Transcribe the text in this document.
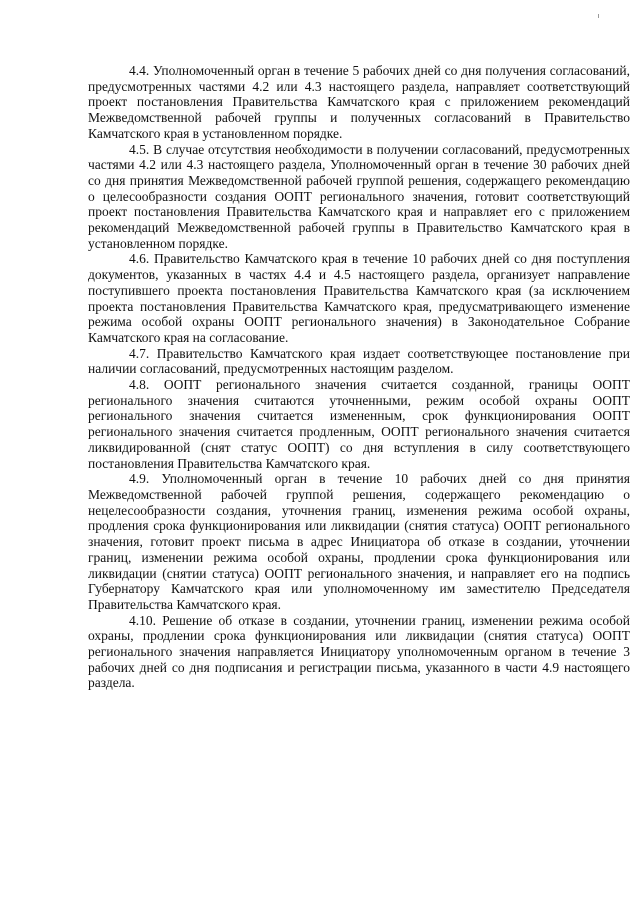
4.4. Уполномоченный орган в течение 5 рабочих дней со дня получения согласований, предусмотренных частями 4.2 или 4.3 настоящего раздела, направляет соответствующий проект постановления Правительства Камчатского края с приложением рекомендаций Межведомственной рабочей группы и полученных согласований в Правительство Камчатского края в установленном порядке.

4.5. В случае отсутствия необходимости в получении согласований, предусмотренных частями 4.2 или 4.3 настоящего раздела, Уполномоченный орган в течение 30 рабочих дней со дня принятия Межведомственной рабочей группой решения, содержащего рекомендацию о целесообразности создания ООПТ регионального значения, готовит соответствующий проект постановления Правительства Камчатского края и направляет его с приложением рекомендаций Межведомственной рабочей группы в Правительство Камчатского края в установленном порядке.

4.6. Правительство Камчатского края в течение 10 рабочих дней со дня поступления документов, указанных в частях 4.4 и 4.5 настоящего раздела, организует направление поступившего проекта постановления Правительства Камчатского края (за исключением проекта постановления Правительства Камчатского края, предусматривающего изменение режима особой охраны ООПТ регионального значения) в Законодательное Собрание Камчатского края на согласование.

4.7. Правительство Камчатского края издает соответствующее постановление при наличии согласований, предусмотренных настоящим разделом.

4.8. ООПТ регионального значения считается созданной, границы ООПТ регионального значения считаются уточненными, режим особой охраны ООПТ регионального значения считается измененным, срок функционирования ООПТ регионального значения считается продленным, ООПТ регионального значения считается ликвидированной (снят статус ООПТ) со дня вступления в силу соответствующего постановления Правительства Камчатского края.

4.9. Уполномоченный орган в течение 10 рабочих дней со дня принятия Межведомственной рабочей группой решения, содержащего рекомендацию о нецелесообразности создания, уточнения границ, изменения режима особой охраны, продления срока функционирования или ликвидации (снятия статуса) ООПТ регионального значения, готовит проект письма в адрес Инициатора об отказе в создании, уточнении границ, изменении режима особой охраны, продлении срока функционирования или ликвидации (снятии статуса) ООПТ регионального значения, и направляет его на подпись Губернатору Камчатского края или уполномоченному им заместителю Председателя Правительства Камчатского края.

4.10. Решение об отказе в создании, уточнении границ, изменении режима особой охраны, продлении срока функционирования или ликвидации (снятия статуса) ООПТ регионального значения направляется Инициатору уполномоченным органом в течение 3 рабочих дней со дня подписания и регистрации письма, указанного в части 4.9 настоящего раздела.
